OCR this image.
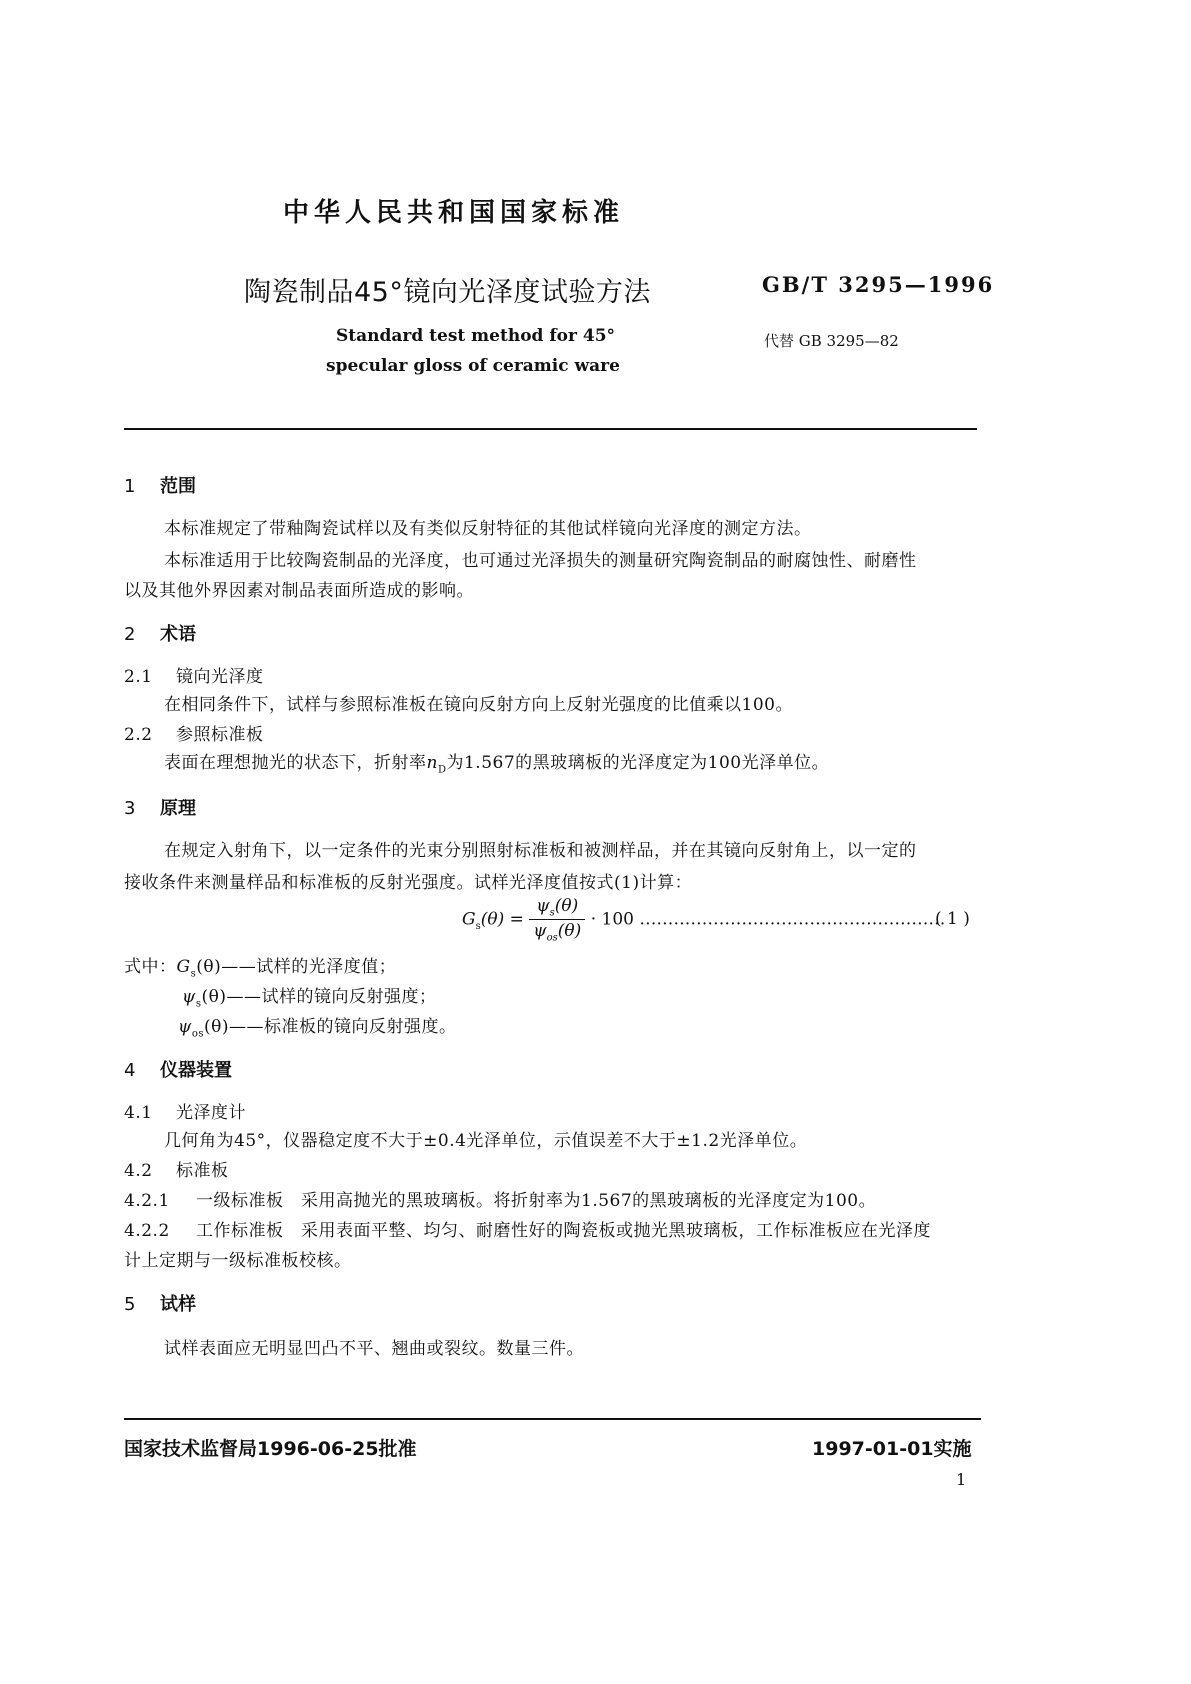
中华人民共和国国家标准
陶瓷制品45°镜向光泽度试验方法	GB/T 3295—1996
Standard test method for 45°
specular gloss of ceramic ware
代替 GB 3295—82
1 范围
本标准规定了带釉陶瓷试样以及有类似反射特征的其他试样镜向光泽度的测定方法。
本标准适用于比较陶瓷制品的光泽度，也可通过光泽损失的测量研究陶瓷制品的耐腐蚀性、耐磨性
以及其他外界因素对制品表面所造成的影响。
2 术语
2.1 镜向光泽度
在相同条件下，试样与参照标准板在镜向反射方向上反射光强度的比值乘以100。
2.2 参照标准板
表面在理想抛光的状态下，折射率$n_D$为1.567的黑玻璃板的光泽度定为100光泽单位。
3 原理
在规定入射角下，以一定条件的光束分别照射标准板和被测样品，并在其镜向反射角上，以一定的
接收条件来测量样品和标准板的反射光强度。试样光泽度值按式(1)计算：
$G_s(\theta) = \frac{\psi_s(\theta)}{\psi_{os}(\theta)} \cdot 100$ ………………………………………………
( 1 )
式中：$G_s(\theta)——$试样的光泽度值；
$\psi_s(\theta)——$试样的镜向反射强度；
$\psi_{os}(\theta)——$标准板的镜向反射强度。
4 仪器装置
4.1 光泽度计
几何角为45°，仪器稳定度不大于±0.4光泽单位，示值误差不大于±1.2光泽单位。
4.2 标准板
4.2.1 一级标准板　采用高抛光的黑玻璃板。将折射率为1.567的黑玻璃板的光泽度定为100。
4.2.2 工作标准板　采用表面平整、均匀、耐磨性好的陶瓷板或抛光黑玻璃板，工作标准板应在光泽度
计上定期与一级标准板校核。
5 试样
试样表面应无明显凹凸不平、翘曲或裂纹。数量三件。
国家技术监督局1996-06-25批准	1997-01-01实施
1
